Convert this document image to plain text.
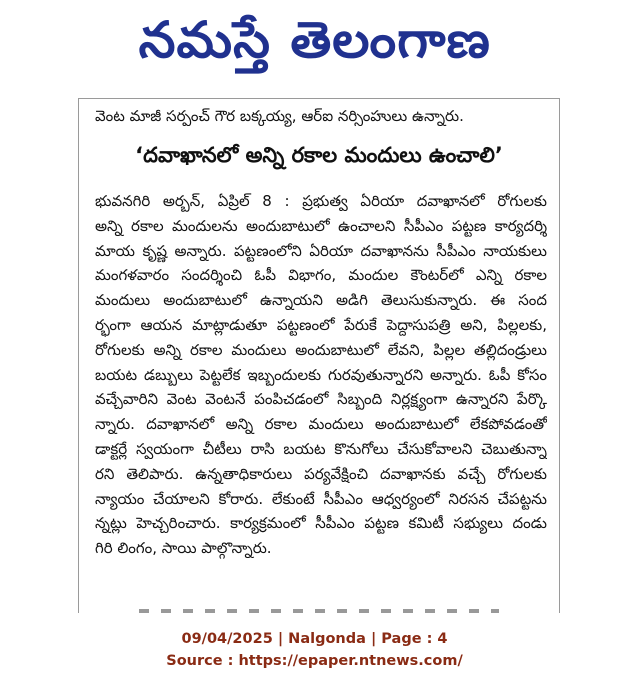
నమస్తే తెలంగాణ
వెంట మాజీ సర్పంచ్ గౌర బక్కయ్య, ఆర్ఐ నర్సింహులు ఉన్నారు.
‘దవాఖానలో అన్ని రకాల మందులు ఉంచాలి’
భువనగిరి అర్బన్, ఏప్రిల్ 8 : ప్రభుత్వ ఏరియా దవాఖానలో రోగులకు
అన్ని రకాల మందులను అందుబాటులో ఉంచాలని సీపీఎం పట్టణ కార్యదర్శి
మాయ కృష్ణ అన్నారు. పట్టణంలోని ఏరియా దవాఖానను సీపీఎం నాయకులు
మంగళవారం సందర్శించి ఓపీ విభాగం, మందుల కౌంటర్‌లో ఎన్ని రకాల
మందులు అందుబాటులో ఉన్నాయని అడిగి తెలుసుకున్నారు. ఈ సంద
ర్భంగా ఆయన మాట్లాడుతూ పట్టణంలో పేరుకే పెద్దాసుపత్రి అని, పిల్లలకు,
రోగులకు అన్ని రకాల మందులు అందుబాటులో లేవని, పిల్లల తల్లిదండ్రులు
బయట డబ్బులు పెట్టలేక ఇబ్బందులకు గురవుతున్నారని అన్నారు. ఓపీ కోసం
వచ్చేవారిని వెంట వెంటనే పంపిచడంలో సిబ్బంది నిర్లక్ష్యంగా ఉన్నారని పేర్కొ
న్నారు. దవాఖానలో అన్ని రకాల మందులు అందుబాటులో లేకపోవడంతో
డాక్టర్లే స్వయంగా చీటీలు రాసి బయట కొనుగోలు చేసుకోవాలని చెబుతున్నా
రని తెలిపారు. ఉన్నతాధికారులు పర్యవేక్షించి దవాఖానకు వచ్చే రోగులకు
న్యాయం చేయాలని కోరారు. లేకుంటే సీపీఎం ఆధ్వర్యంలో నిరసన చేపట్టను
న్నట్లు హెచ్చరించారు. కార్యక్రమంలో సీపీఎం పట్టణ కమిటీ సభ్యులు దండు
గిరి లింగం, సాయి పాల్గొన్నారు.
09/04/2025 | Nalgonda | Page : 4
Source : https://epaper.ntnews.com/
